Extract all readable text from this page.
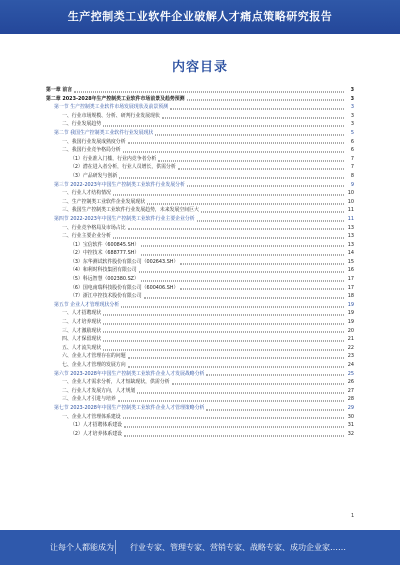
生产控制类工业软件企业破解人才痛点策略研究报告
内容目录
第一章 前言	3
第二章 2023-2028年生产控制类工业软件市场前景及趋势预测	3
第一节 生产控制类工业软件市场发展现状及前景预测	3
一、行业市场规模、分析、研判行业发展现状	3
二、行业发展趋势	3
第二节 我国生产控制类工业软件行业发展现状	5
一、我国行业发展成熟度分析	6
二、我国行业竞争格局分析	6
（1）行业准入门槛，行业内竞争者分析	7
（2）潜在进入者分析，行业人员增长，供需分析	7
（3）产品研发与创新	8
第三节 2022-2023年中国生产控制类工业软件行业发展分析	9
一、行业人才结构情况	10
二、生产控制类工业软件企业发展现状	10
三、我国生产控制类工业软件行业发展趋势，未来发展空间巨大	11
第四节 2022-2023年中国生产控制类工业软件行业主要企业分析	11
一、行业竞争格局及市场占比	13
二、行业主要企业分析	13
（1）宝信软件（600845.SH）	13
（2）中控技术（688777.SH）	14
（3）东华测试软件股份有限公司（002643.SH）	15
（4）和利时科技集团有限公司	16
（5）科远智慧（002380.SZ）	17
（6）国电南瑞科技股份有限公司（600406.SH）	17
（7）浙江中控技术股份有限公司	18
第五节 企业人才管理现状分析	19
一、人才招聘现状	19
二、人才培养现状	19
三、人才激励现状	20
四、人才保留现状	21
五、人才流失现状	22
六、企业人才管理存在的问题	23
七、企业人才管理的发展方向	24
第六节 2023-2028年中国生产控制类工业软件企业人才发展战略分析	25
一、企业人才需求分析，人才短缺现状，供需分析	26
二、行业人才发展方向，人才规划	27
三、企业人才引进与培养	28
第七节 2023-2028年中国生产控制类工业软件企业人才管理策略分析	29
一、企业人才管理体系建设	30
（1）人才招聘体系建设	31
（2）人才培养体系建设	32
1
让每个人都能成为 行业专家、管理专家、营销专家、战略专家、成功企业家……
